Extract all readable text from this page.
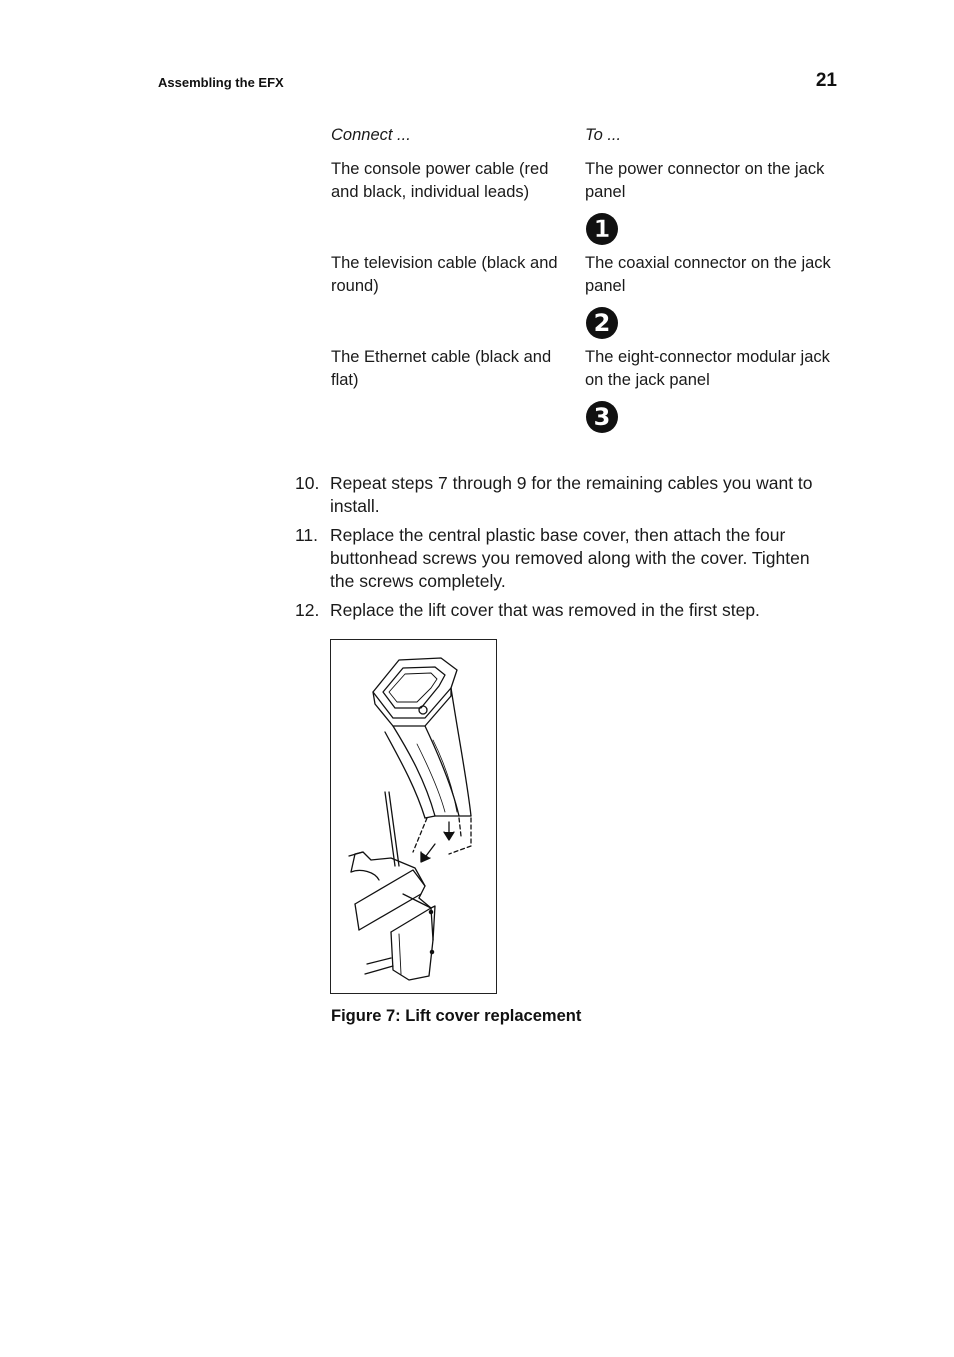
Assembling the EFX	21
Connect ...	To ...
The console power cable (red and black, individual leads)
The power connector on the jack panel
1
The television cable (black and round)
The coaxial connector on the jack panel
2
The Ethernet cable (black and flat)
The eight-connector modular jack on the jack panel
3
10. Repeat steps 7 through 9 for the remaining cables you want to install.
11. Replace the central plastic base cover, then attach the four buttonhead screws you removed along with the cover. Tighten the screws completely.
12. Replace the lift cover that was removed in the first step.
Figure 7: Lift cover replacement
